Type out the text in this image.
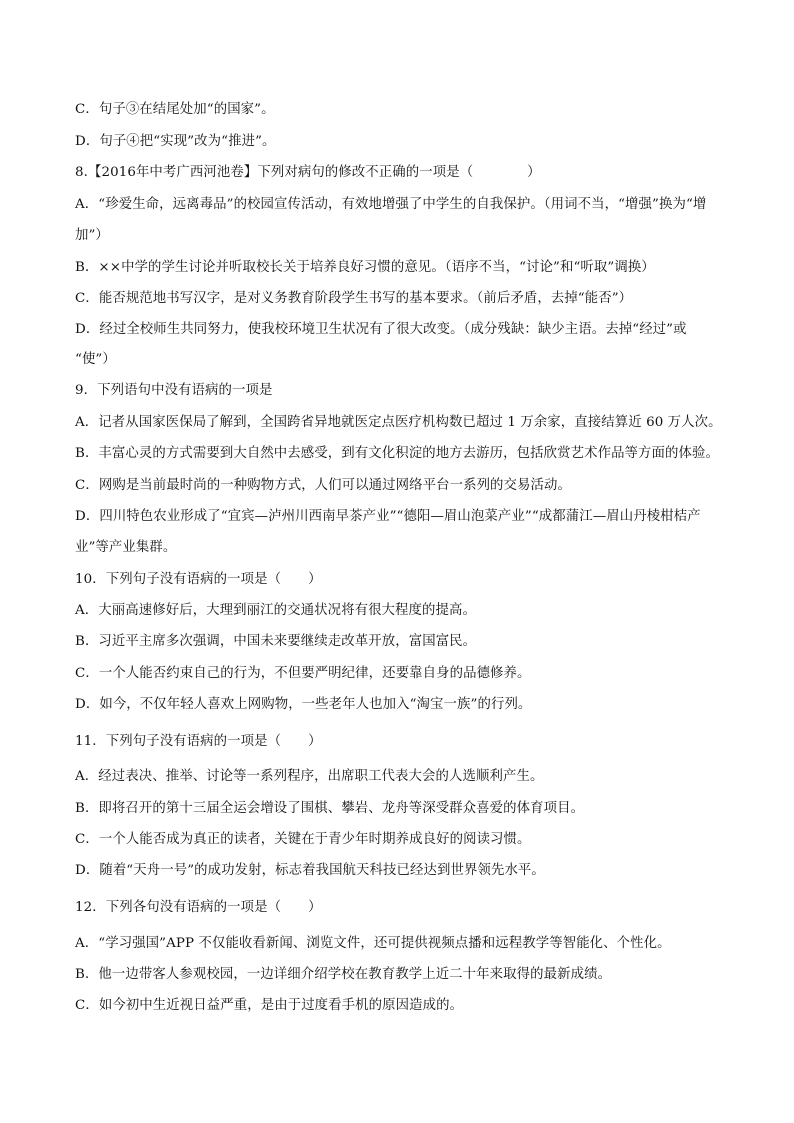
C．句子③在结尾处加“的国家”。
D．句子④把“实现”改为“推进”。
8.【2016年中考广西河池卷】下列对病句的修改不正确的一项是（　　　　）
A．“珍爱生命，远离毒品”的校园宣传活动，有效地增强了中学生的自我保护。（用词不当，“增强”换为“增
加”）
B．××中学的学生讨论并听取校长关于培养良好习惯的意见。（语序不当，“讨论”和“听取”调换）
C．能否规范地书写汉字，是对义务教育阶段学生书写的基本要求。（前后矛盾，去掉“能否”）
D．经过全校师生共同努力，使我校环境卫生状况有了很大改变。（成分残缺：缺少主语。去掉“经过”或
“使”）
9．下列语句中没有语病的一项是
A．记者从国家医保局了解到，全国跨省异地就医定点医疗机构数已超过 1 万余家，直接结算近 60 万人次。
B．丰富心灵的方式需要到大自然中去感受，到有文化积淀的地方去游历，包括欣赏艺术作品等方面的体验。
C．网购是当前最时尚的一种购物方式，人们可以通过网络平台一系列的交易活动。
D．四川特色农业形成了“宜宾—泸州川西南早茶产业”“德阳—眉山泡菜产业”“成都蒲江—眉山丹棱柑桔产
业”等产业集群。
10．下列句子没有语病的一项是（　　）
A．大丽高速修好后，大理到丽江的交通状况将有很大程度的提高。
B．习近平主席多次强调，中国未来要继续走改革开放，富国富民。
C．一个人能否约束自己的行为，不但要严明纪律，还要靠自身的品德修养。
D．如今，不仅年轻人喜欢上网购物，一些老年人也加入“淘宝一族”的行列。
11．下列句子没有语病的一项是（　　）
A．经过表决、推举、讨论等一系列程序，出席职工代表大会的人选顺利产生。
B．即将召开的第十三届全运会增设了围棋、攀岩、龙舟等深受群众喜爱的体育项目。
C．一个人能否成为真正的读者，关键在于青少年时期养成良好的阅读习惯。
D．随着“天舟一号”的成功发射，标志着我国航天科技已经达到世界领先水平。
12．下列各句没有语病的一项是（　　）
A．“学习强国”APP 不仅能收看新闻、浏览文件，还可提供视频点播和远程教学等智能化、个性化。
B．他一边带客人参观校园，一边详细介绍学校在教育教学上近二十年来取得的最新成绩。
C．如今初中生近视日益严重，是由于过度看手机的原因造成的。
